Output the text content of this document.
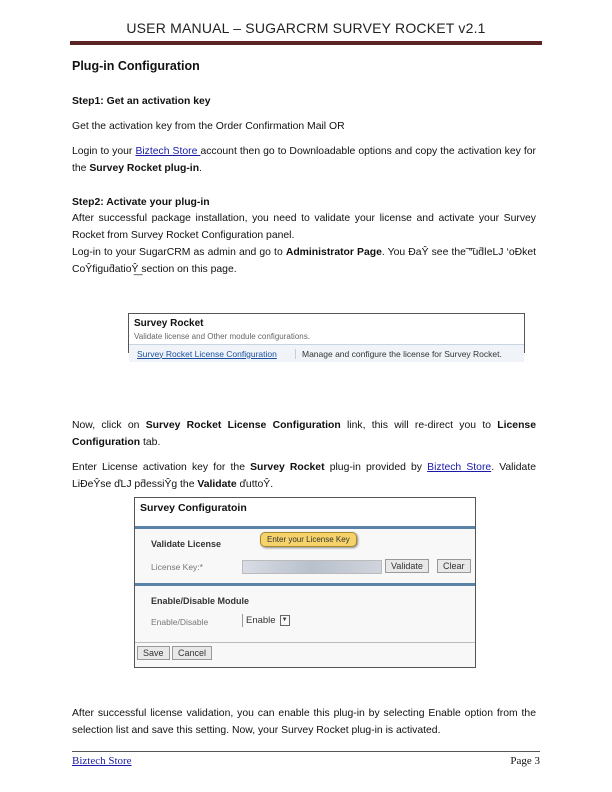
USER MANUAL – SUGARCRM SURVEY ROCKET v2.1
Plug-in Configuration
Step1: Get an activation key
Get the activation key from the Order Confirmation Mail OR
Login to your Biztech Store account then go to Downloadable options and copy the activation key for the Survey Rocket plug-in.
Step2: Activate your plug-in
After successful package installation, you need to validate your license and activate your Survey Rocket from Survey Rocket Configuration panel.
Log-in to your SugarCRM as admin and go to Administrator Page. You ĐaŶ see the ͞“uƌǀeLJ ‘oĐket CoŶfiguƌatioŶ͟ section on this page.
Survey Rocket
Validate license and Other module configurations.
Survey Rocket License Configuration	Manage and configure the license for Survey Rocket.
Now, click on Survey Rocket License Configuration link, this will re-direct you to License Configuration tab.
Enter License activation key for the Survey Rocket plug-in provided by Biztech Store. Validate LiĐeŶse ďLJ pƌessiŶg the Validate ďuttoŶ.
Survey Configuratoin
Validate License	Enter your License Key
License Key:*	Validate	Clear
Enable/Disable Module
Enable/Disable	Enable	▼
Save Cancel
After successful license validation, you can enable this plug-in by selecting Enable option from the selection list and save this setting. Now, your Survey Rocket plug-in is activated.
Biztech Store	Page 3
